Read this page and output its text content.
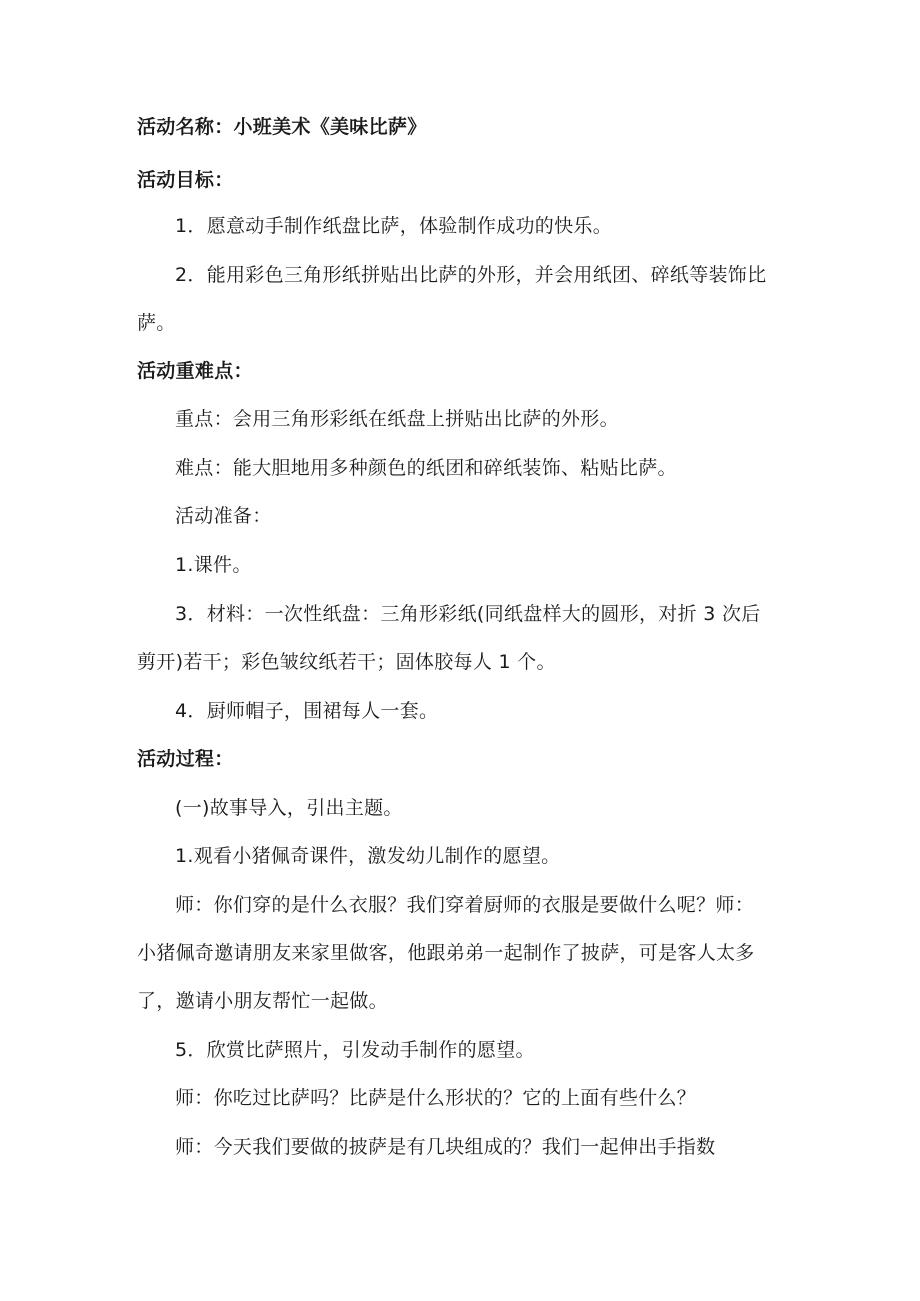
活动名称：小班美术《美味比萨》
活动目标：
1．愿意动手制作纸盘比萨，体验制作成功的快乐。
2．能用彩色三角形纸拼贴出比萨的外形，并会用纸团、碎纸等装饰比
萨。
活动重难点：
重点：会用三角形彩纸在纸盘上拼贴出比萨的外形。
难点：能大胆地用多种颜色的纸团和碎纸装饰、粘贴比萨。
活动准备：
1.课件。
3．材料：一次性纸盘：三角形彩纸(同纸盘样大的圆形，对折 3 次后
剪开)若干；彩色皱纹纸若干；固体胶每人 1 个。
4．厨师帽子，围裙每人一套。
活动过程：
(一)故事导入，引出主题。
1.观看小猪佩奇课件，激发幼儿制作的愿望。
师：你们穿的是什么衣服？我们穿着厨师的衣服是要做什么呢？师：
小猪佩奇邀请朋友来家里做客，他跟弟弟一起制作了披萨，可是客人太多
了，邀请小朋友帮忙一起做。
5．欣赏比萨照片，引发动手制作的愿望。
师：你吃过比萨吗？比萨是什么形状的？它的上面有些什么？
师：今天我们要做的披萨是有几块组成的？我们一起伸出手指数
